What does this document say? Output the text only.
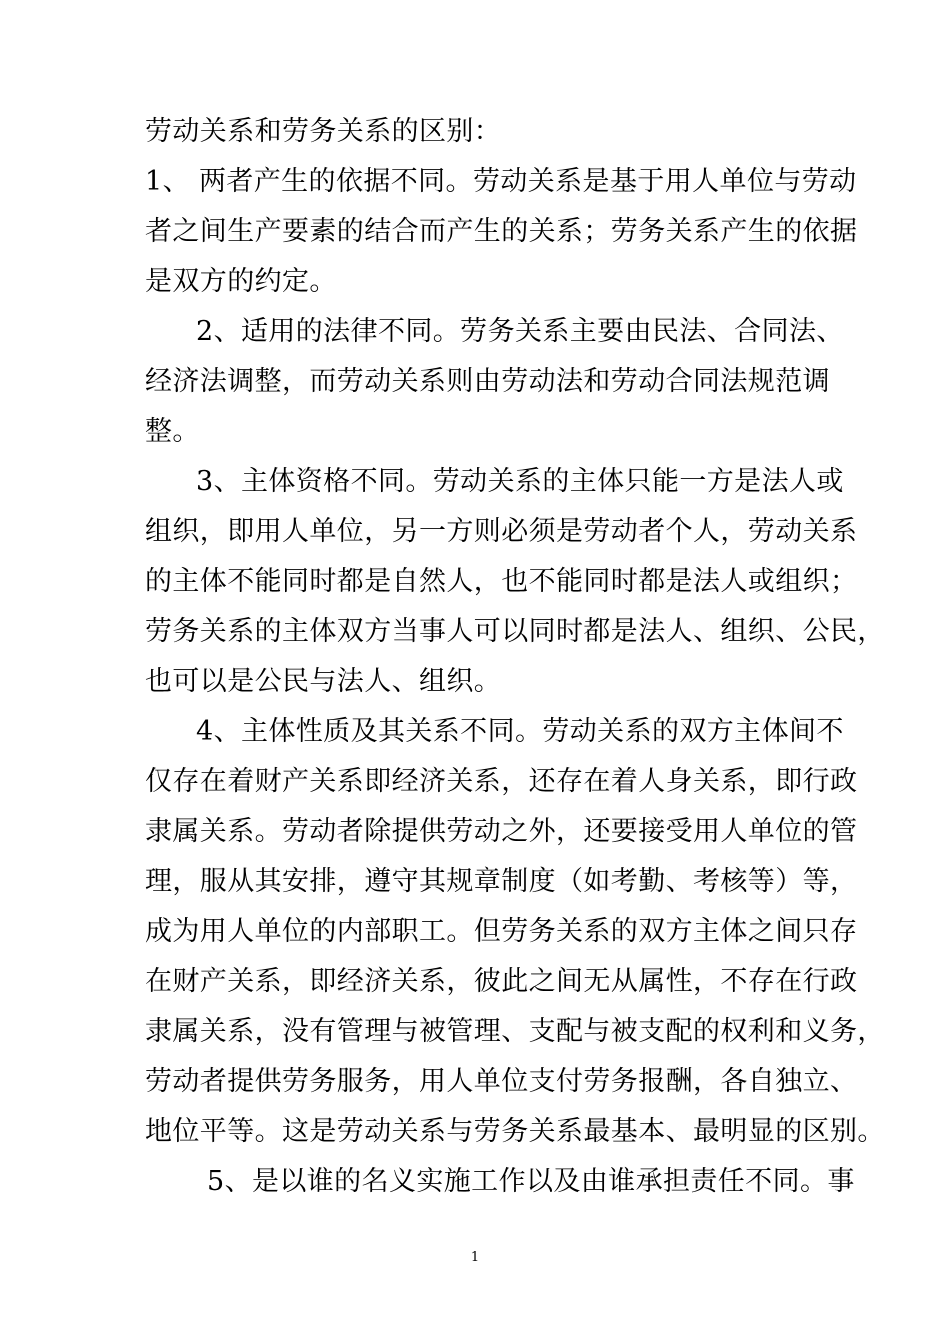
劳动关系和劳务关系的区别：
1、 两者产生的依据不同。劳动关系是基于用人单位与劳动
者之间生产要素的结合而产生的关系；劳务关系产生的依据
是双方的约定。
2、适用的法律不同。劳务关系主要由民法、合同法、
经济法调整，而劳动关系则由劳动法和劳动合同法规范调
整。
3、主体资格不同。劳动关系的主体只能一方是法人或
组织，即用人单位，另一方则必须是劳动者个人，劳动关系
的主体不能同时都是自然人，也不能同时都是法人或组织；
劳务关系的主体双方当事人可以同时都是法人、组织、公民，
也可以是公民与法人、组织。
4、主体性质及其关系不同。劳动关系的双方主体间不
仅存在着财产关系即经济关系，还存在着人身关系，即行政
隶属关系。劳动者除提供劳动之外，还要接受用人单位的管
理，服从其安排，遵守其规章制度（如考勤、考核等）等，
成为用人单位的内部职工。但劳务关系的双方主体之间只存
在财产关系，即经济关系，彼此之间无从属性，不存在行政
隶属关系，没有管理与被管理、支配与被支配的权利和义务，
劳动者提供劳务服务，用人单位支付劳务报酬，各自独立、
地位平等。这是劳动关系与劳务关系最基本、最明显的区别。
5、是以谁的名义实施工作以及由谁承担责任不同。事
1
